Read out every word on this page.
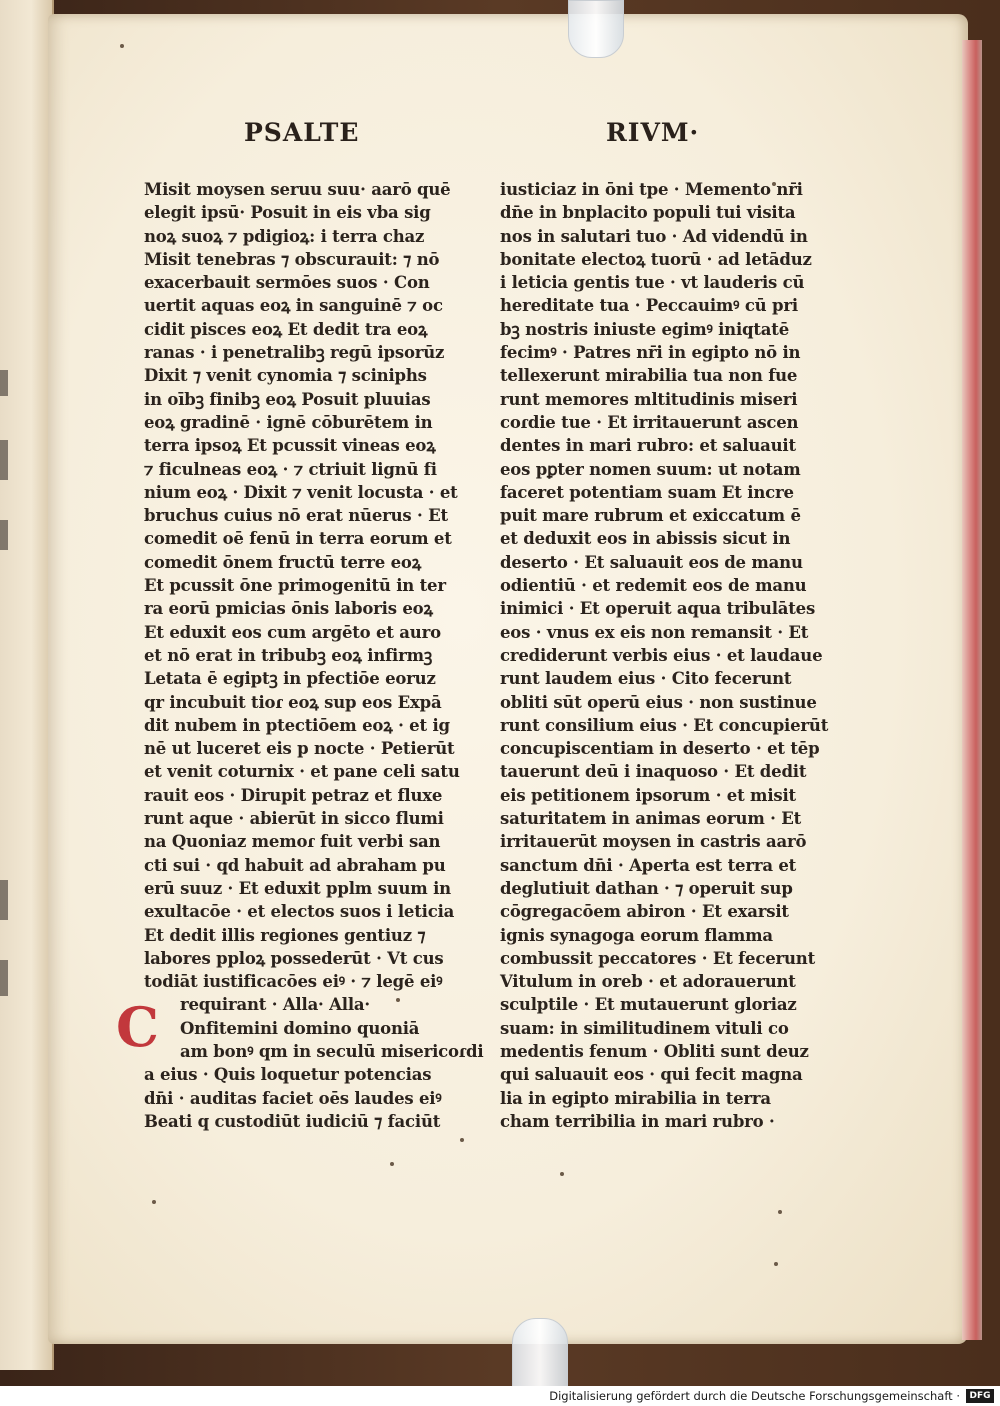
PSALTE	RIVM·
C
Misit moysen seruu suu· aarō quē
elegit ipsū· Posuit in eis vba sig
noꝝ suoꝝ ⁊ pdigioꝝ: i terra chaz
Misit tenebras ⁊ obscurauit: ⁊ nō
exacerbauit sermōes suos · Con
uertit aquas eoꝝ in sanguinē ⁊ oc
cidit pisces eoꝝ Et dedit tra eoꝝ
ranas · i penetralibꝫ regū ipsorūz
Dixit ⁊ venit cynomia ⁊ sciniphs
in oībꝫ finibꝫ eoꝝ Posuit pluuias
eoꝝ gradinē · ignē cōburētem in
terra ipsoꝝ Et pcussit vineas eoꝝ
⁊ ficulneas eoꝝ · ⁊ ctriuit lignū fi
nium eoꝝ · Dixit ⁊ venit locusta · et
bruchus cuius nō erat nūerus · Et
comedit oē fenū in terra eorum et
comedit ōnem fructū terre eoꝝ
Et pcussit ōne primogenitū in ter
ra eorū pmicias ōnis laboris eoꝝ
Et eduxit eos cum argēto et auro
et nō erat in tribubꝫ eoꝝ infirmꝫ
Letata ē egiptꝫ in pfectiōe eoruz
qr incubuit tioɾ eoꝝ sup eos Expā
dit nubem in ptectiōem eoꝝ · et ig
nē ut luceret eis p nocte · Petierūt
et venit coturnix · et pane celi satu
rauit eos · Dirupit petraz et fluxe
runt aque · abierūt in sicco flumi
na Quoniaz memoɾ fuit verbi san
cti sui · qd habuit ad abraham pu
erū suuz · Et eduxit pplm suum in
exultacōe · et electos suos i leticia
Et dedit illis regiones gentiuz ⁊
labores pploꝝ possederūt · Vt cus
todiāt iustificacōes eiꝰ · ⁊ legē eiꝰ
requirant · Alla· Alla·
Onfitemini domino quoniā
am bonꝰ qm in seculū misericoɾdi
a eius · Quis loquetur potencias
dn̄i · auditas faciet oēs laudes eiꝰ
Beati q custodiūt iudiciū ⁊ faciūt
iusticiaz in ōni tpe · Memento nr̄i
dn̄e in bnplacito populi tui visita
nos in salutari tuo · Ad videndū in
bonitate electoꝝ tuorū · ad letāduz
i leticia gentis tue · vt lauderis cū
hereditate tua · Peccauimꝰ cū pri
bꝫ nostris iniuste egimꝰ iniqtatē
fecimꝰ · Patres nr̄i in egipto nō in
tellexerunt mirabilia tua non fue
runt memores mltitudinis miseri
coɾdie tue · Et irritauerunt ascen
dentes in mari rubro: et saluauit
eos pꝑter nomen suum: ut notam
faceret potentiam suam Et incre
puit mare rubrum et exiccatum ē
et deduxit eos in abissis sicut in
deserto · Et saluauit eos de manu
odientiū · et redemit eos de manu
inimici · Et operuit aqua tribulātes
eos · vnus ex eis non remansit · Et
crediderunt verbis eius · et laudaue
runt laudem eius · Cito fecerunt
obliti sūt operū eius · non sustinue
runt consilium eius · Et concupierūt
concupiscentiam in deserto · et tēp
tauerunt deū i inaquoso · Et dedit
eis petitionem ipsorum · et misit
saturitatem in animas eorum · Et
irritauerūt moysen in castris aarō
sanctum dn̄i · Aperta est terra et
deglutiuit dathan · ⁊ operuit sup
cōgregacōem abiron · Et exarsit
ignis synagoga eorum flamma
combussit peccatores · Et fecerunt
Vitulum in oreb · et adorauerunt
sculptile · Et mutauerunt gloriaz
suam: in similitudinem vituli co
medentis fenum · Obliti sunt deuz
qui saluauit eos · qui fecit magna
lia in egipto mirabilia in terra
cham terribilia in mari rubro ·
Digitalisierung gefördert durch die Deutsche Forschungsgemeinschaft ·	DFG
